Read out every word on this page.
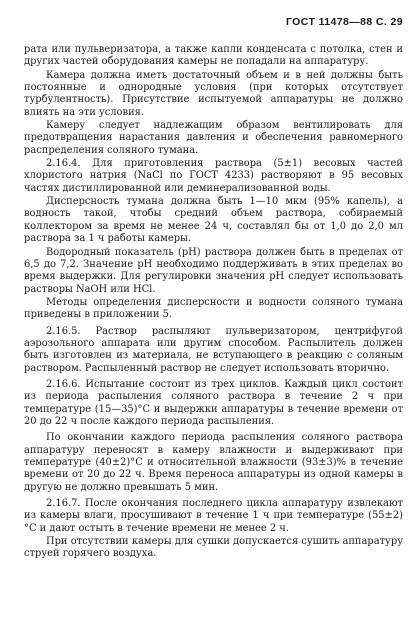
ГОСТ 11478—88 С. 29

рата или пульверизатора, а также капли конденсата с потолка, стен и других частей оборудования камеры не попадали на аппаратуру.

Камера должна иметь достаточный объем и в ней должны быть постоянные и однородные условия (при которых отсутствует турбулентность). Присутствие испытуемой аппаратуры не должно влиять на эти условия.

Камеру следует надлежащим образом вентилировать для предотвращения нарастания давления и обеспечения равномерного распределения соляного тумана.

2.16.4. Для приготовления раствора (5±1) весовых частей хлористого натрия (NaCl по ГОСТ 4233) растворяют в 95 весовых частях дистиллированной или деминерализованной воды.

Дисперсность тумана должна быть 1—10 мкм (95% капель), а водность такой, чтобы средний объем раствора, собираемый коллектором за время не менее 24 ч, составлял бы от 1,0 до 2,0 мл раствора за 1 ч работы камеры.

Водородный показатель (рН) раствора должен быть в пределах от 6,5 до 7,2. Значение рН необходимо поддерживать в этих пределах во время выдержки. Для регулировки значения рН следует использовать растворы NaOH или HCl.

Методы определения дисперсности и водности соляного тумана приведены в приложении 5.

2.16.5. Раствор распыляют пульверизатором, центрифугой аэрозольного аппарата или другим способом. Распылитель должен быть изготовлен из материала, не вступающего в реакцию с соляным раствором. Распыленный раствор не следует использовать вторично.

2.16.6. Испытание состоит из трех циклов. Каждый цикл состоит из периода распыления соляного раствора в течение 2 ч при температуре (15—35)°С и выдержки аппаратуры в течение времени от 20 до 22 ч после каждого периода распыления.

По окончании каждого периода распыления соляного раствора аппаратуру переносят в камеру влажности и выдерживают при температуре (40±2)°С и относительной влажности (93±3)% в течение времени от 20 до 22 ч. Время переноса аппаратуры из одной камеры в другую не должно превышать 5 мин.

2.16.7. После окончания последнего цикла аппаратуру извлекают из камеры влаги, просушивают в течение 1 ч при температуре (55±2)°С и дают остыть в течение времени не менее 2 ч.

При отсутствии камеры для сушки допускается сушить аппаратуру струей горячего воздуха.
